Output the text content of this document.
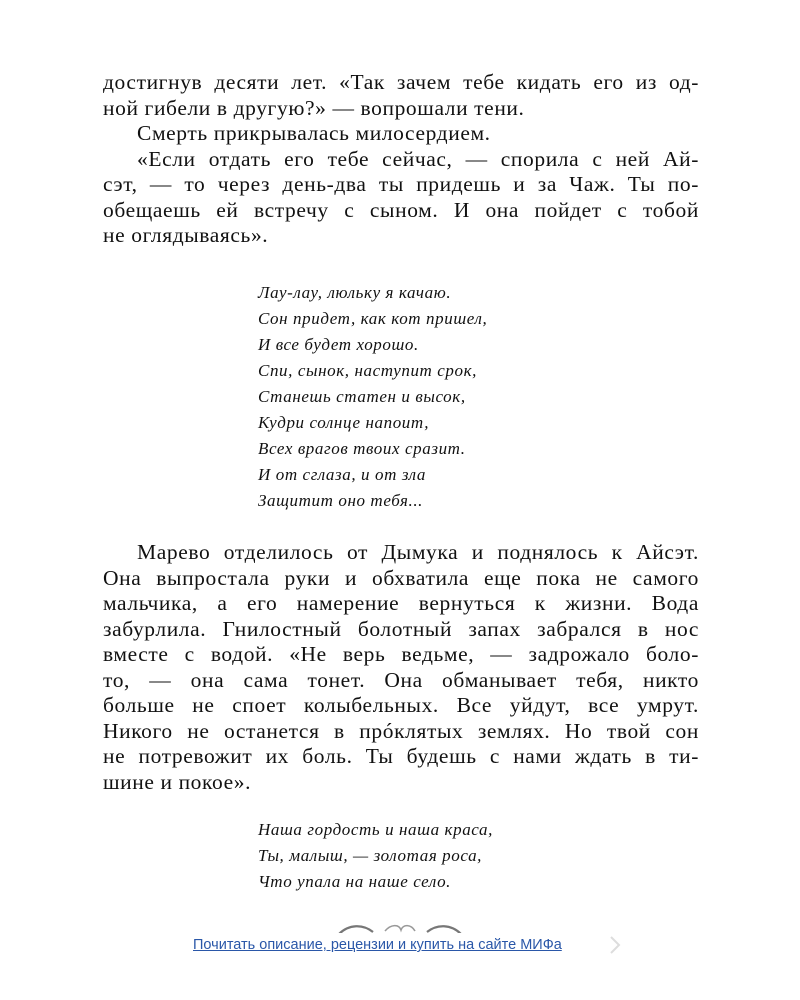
достигнув десяти лет. «Так зачем тебе кидать его из од-
ной гибели в другую?» — вопрошали тени.

Смерть прикрывалась милосердием.

«Если отдать его тебе сейчас, — спорила с ней Ай-
сэт, — то через день-два ты придешь и за Чаж. Ты по-
обещаешь ей встречу с сыном. И она пойдет с тобой
не оглядываясь».

Лау-лау, люльку я качаю.
Сон придет, как кот пришел,
И все будет хорошо.
Спи, сынок, наступит срок,
Станешь статен и высок,
Кудри солнце напоит,
Всех врагов твоих сразит.
И от сглаза, и от зла
Защитит оно тебя...

Марево отделилось от Дымука и поднялось к Айсэт.
Она выпростала руки и обхватила еще пока не самого
мальчика, а его намерение вернуться к жизни. Вода
забурлила. Гнилостный болотный запах забрался в нос
вместе с водой. «Не верь ведьме, — задрожало боло-
то, — она сама тонет. Она обманывает тебя, никто
больше не споет колыбельных. Все уйдут, все умрут.
Никого не останется в прóклятых землях. Но твой сон
не потревожит их боль. Ты будешь с нами ждать в ти-
шине и покое».

Наша гордость и наша краса,
Ты, малыш, — золотая роса,
Что упала на наше село.
Почитать описание, рецензии и купить на сайте МИФа
